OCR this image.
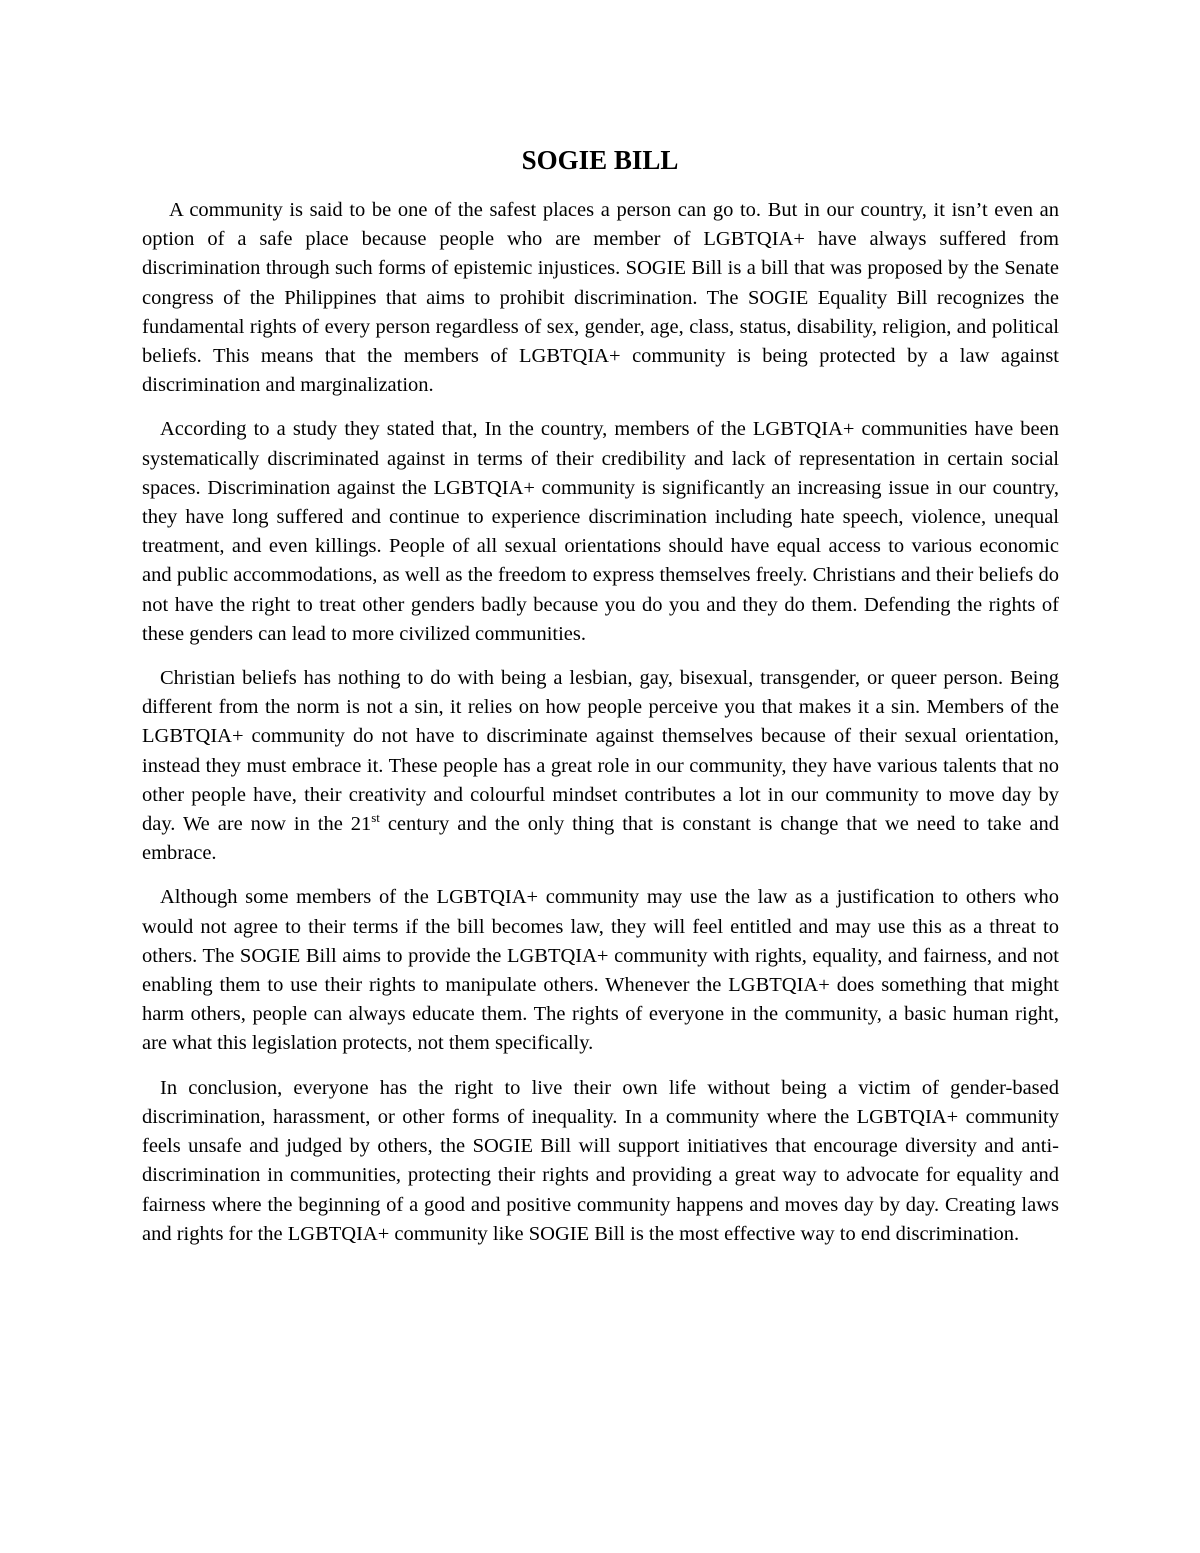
SOGIE BILL

A community is said to be one of the safest places a person can go to. But in our country, it isn’t even an option of a safe place because people who are member of LGBTQIA+ have always suffered from discrimination through such forms of epistemic injustices. SOGIE Bill is a bill that was proposed by the Senate congress of the Philippines that aims to prohibit discrimination. The SOGIE Equality Bill recognizes the fundamental rights of every person regardless of sex, gender, age, class, status, disability, religion, and political beliefs. This means that the members of LGBTQIA+ community is being protected by a law against discrimination and marginalization.

According to a study they stated that, In the country, members of the LGBTQIA+ communities have been systematically discriminated against in terms of their credibility and lack of representation in certain social spaces. Discrimination against the LGBTQIA+ community is significantly an increasing issue in our country, they have long suffered and continue to experience discrimination including hate speech, violence, unequal treatment, and even killings. People of all sexual orientations should have equal access to various economic and public accommodations, as well as the freedom to express themselves freely. Christians and their beliefs do not have the right to treat other genders badly because you do you and they do them. Defending the rights of these genders can lead to more civilized communities.

Christian beliefs has nothing to do with being a lesbian, gay, bisexual, transgender, or queer person. Being different from the norm is not a sin, it relies on how people perceive you that makes it a sin. Members of the LGBTQIA+ community do not have to discriminate against themselves because of their sexual orientation, instead they must embrace it. These people has a great role in our community, they have various talents that no other people have, their creativity and colourful mindset contributes a lot in our community to move day by day. We are now in the 21st century and the only thing that is constant is change that we need to take and embrace.

Although some members of the LGBTQIA+ community may use the law as a justification to others who would not agree to their terms if the bill becomes law, they will feel entitled and may use this as a threat to others. The SOGIE Bill aims to provide the LGBTQIA+ community with rights, equality, and fairness, and not enabling them to use their rights to manipulate others. Whenever the LGBTQIA+ does something that might harm others, people can always educate them. The rights of everyone in the community, a basic human right, are what this legislation protects, not them specifically.

In conclusion, everyone has the right to live their own life without being a victim of gender-based discrimination, harassment, or other forms of inequality. In a community where the LGBTQIA+ community feels unsafe and judged by others, the SOGIE Bill will support initiatives that encourage diversity and anti-discrimination in communities, protecting their rights and providing a great way to advocate for equality and fairness where the beginning of a good and positive community happens and moves day by day. Creating laws and rights for the LGBTQIA+ community like SOGIE Bill is the most effective way to end discrimination.
